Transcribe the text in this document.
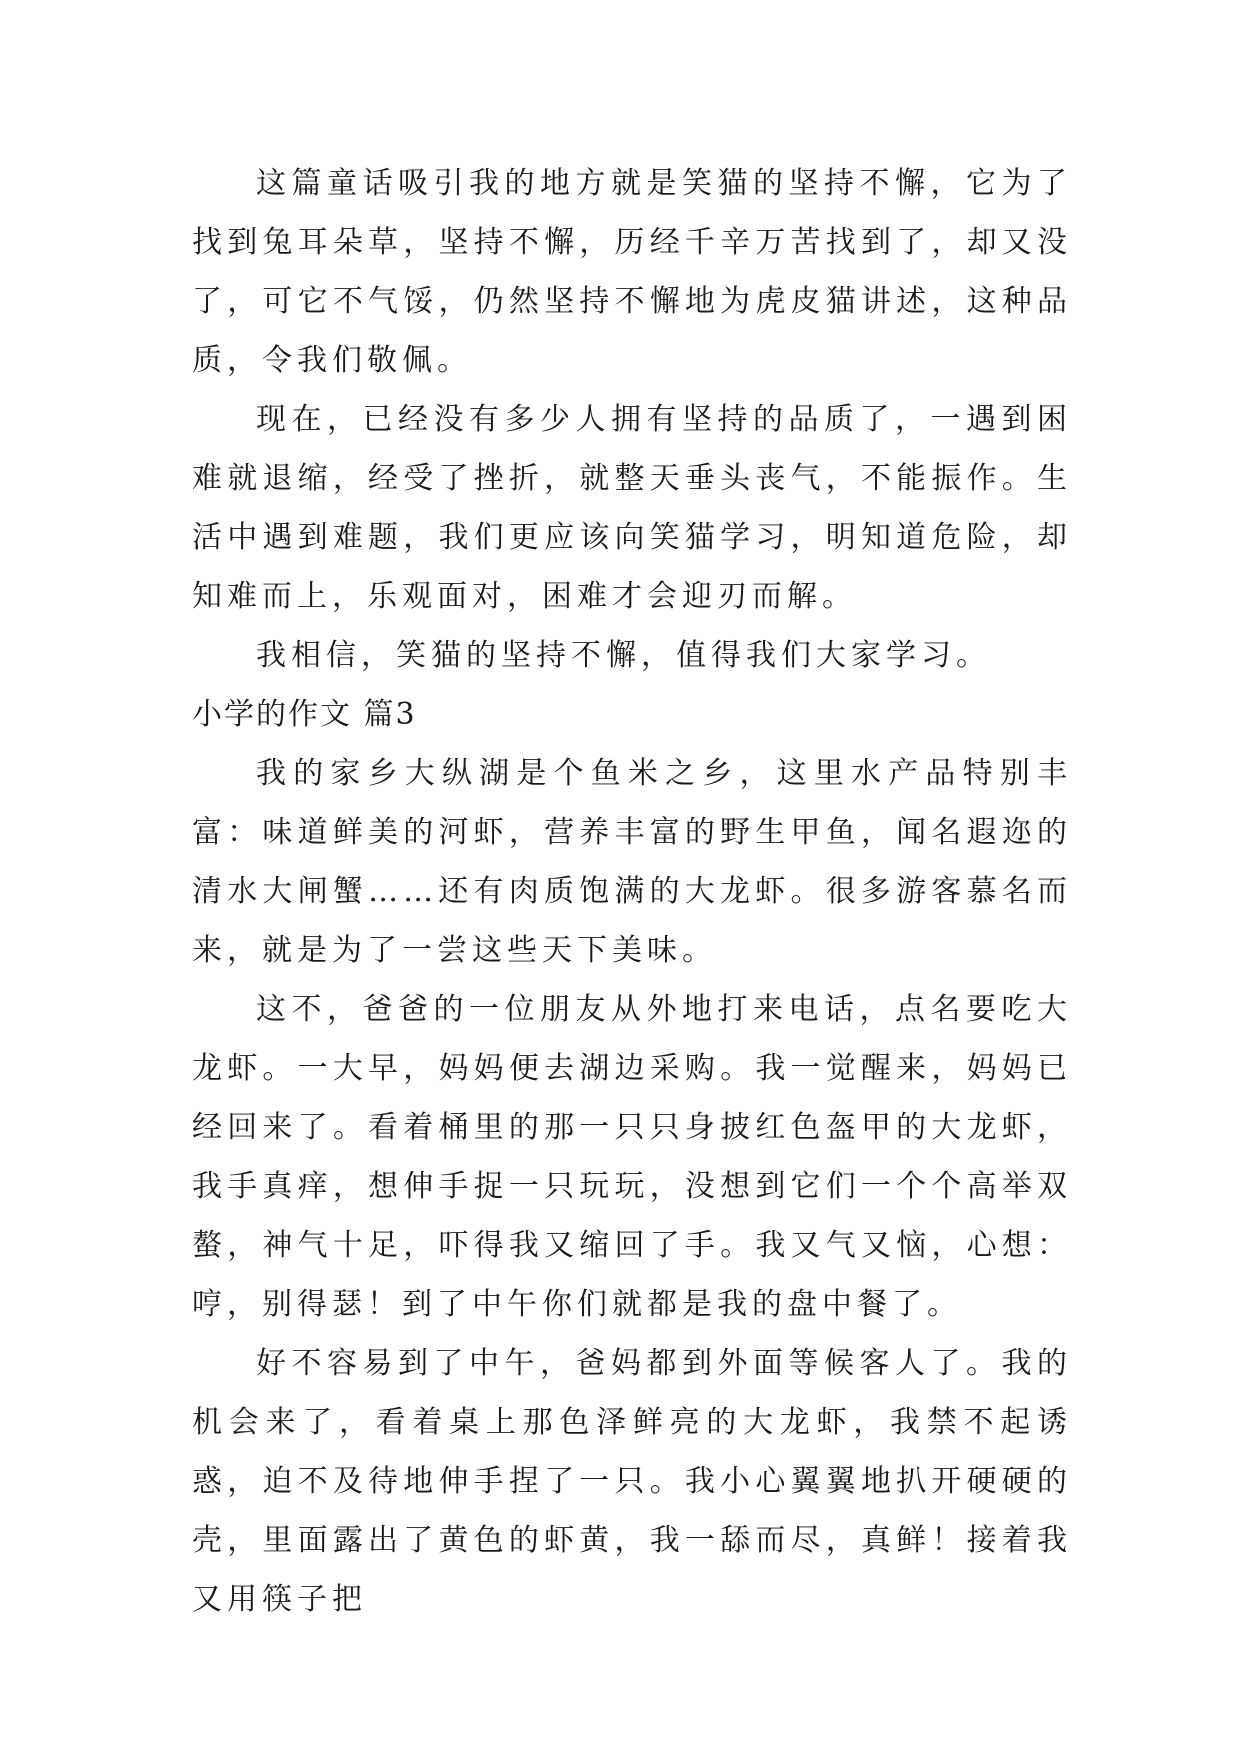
这篇童话吸引我的地方就是笑猫的坚持不懈，它为了找到兔耳朵草，坚持不懈，历经千辛万苦找到了，却又没了，可它不气馁，仍然坚持不懈地为虎皮猫讲述，这种品质，令我们敬佩。

现在，已经没有多少人拥有坚持的品质了，一遇到困难就退缩，经受了挫折，就整天垂头丧气，不能振作。生活中遇到难题，我们更应该向笑猫学习，明知道危险，却知难而上，乐观面对，困难才会迎刃而解。

我相信，笑猫的坚持不懈，值得我们大家学习。

小学的作文 篇3

我的家乡大纵湖是个鱼米之乡，这里水产品特别丰富：味道鲜美的河虾，营养丰富的野生甲鱼，闻名遐迩的清水大闸蟹……还有肉质饱满的大龙虾。很多游客慕名而来，就是为了一尝这些天下美味。

这不，爸爸的一位朋友从外地打来电话，点名要吃大龙虾。一大早，妈妈便去湖边采购。我一觉醒来，妈妈已经回来了。看着桶里的那一只只身披红色盔甲的大龙虾，我手真痒，想伸手捉一只玩玩，没想到它们一个个高举双螯，神气十足，吓得我又缩回了手。我又气又恼，心想：哼，别得瑟！到了中午你们就都是我的盘中餐了。

好不容易到了中午，爸妈都到外面等候客人了。我的机会来了，看着桌上那色泽鲜亮的大龙虾，我禁不起诱惑，迫不及待地伸手捏了一只。我小心翼翼地扒开硬硬的壳，里面露出了黄色的虾黄，我一舔而尽，真鲜！接着我又用筷子把
